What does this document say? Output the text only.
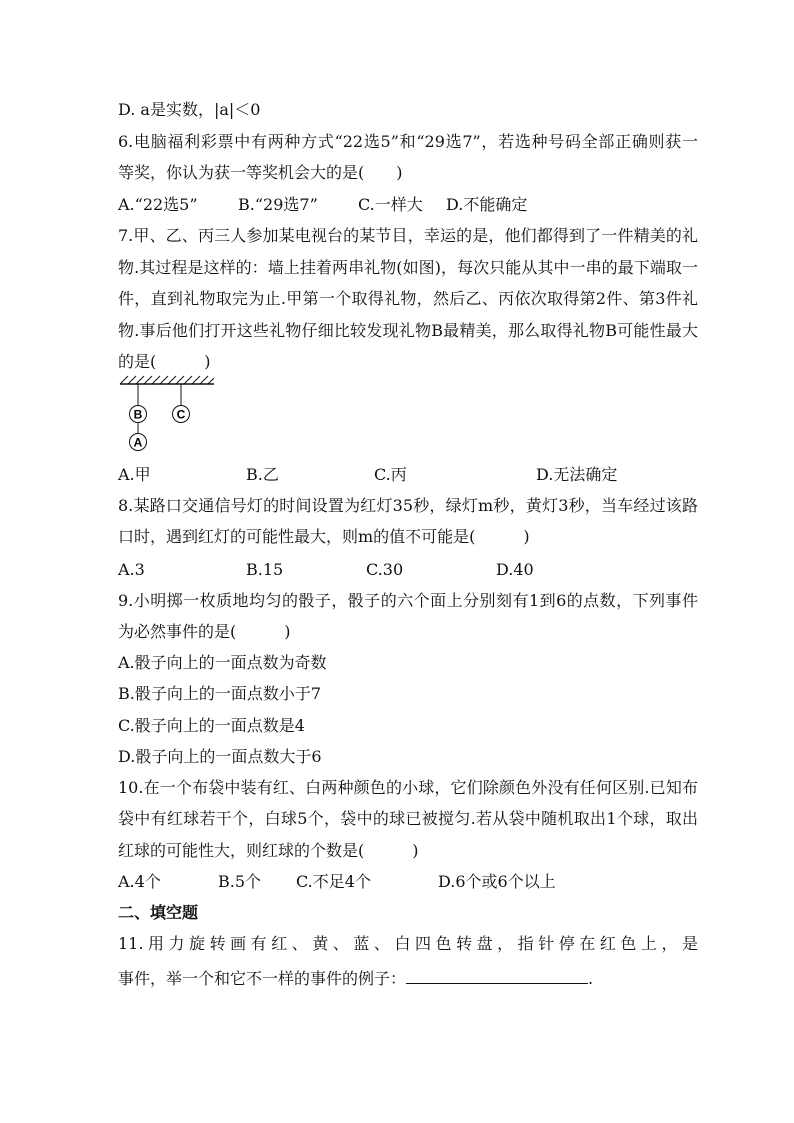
D. a是实数，|a|＜0
6.电脑福利彩票中有两种方式“22选5”和“29选7”，若选种号码全部正确则获一
等奖，你认为获一等奖机会大的是(　　)
A.“22选5”	B.“29选7”	C.一样大 D.不能确定
7.甲、乙、丙三人参加某电视台的某节目，幸运的是，他们都得到了一件精美的礼
物.其过程是这样的：墙上挂着两串礼物(如图)，每次只能从其中一串的最下端取一
件，直到礼物取完为止.甲第一个取得礼物，然后乙、丙依次取得第2件、第3件礼
物.事后他们打开这些礼物仔细比较发现礼物B最精美，那么取得礼物B可能性最大
的是(　　　)
B	C
A
A.甲	B.乙	C.丙	D.无法确定
8.某路口交通信号灯的时间设置为红灯35秒，绿灯m秒，黄灯3秒，当车经过该路
口时，遇到红灯的可能性最大，则m的值不可能是(　　　)
A.3	B.15	C.30	D.40
9.小明掷一枚质地均匀的骰子，骰子的六个面上分别刻有1到6的点数，下列事件
为必然事件的是(　　　)
A.骰子向上的一面点数为奇数
B.骰子向上的一面点数小于7
C.骰子向上的一面点数是4
D.骰子向上的一面点数大于6
10.在一个布袋中装有红、白两种颜色的小球，它们除颜色外没有任何区别.已知布
袋中有红球若干个，白球5个，袋中的球已被搅匀.若从袋中随机取出1个球，取出
红球的可能性大，则红球的个数是(　　　)
A.4个	B.5个 C.不足4个	D.6个或6个以上
二、填空题
11.用力旋转画有红、黄、蓝、白四色转盘，指针停在红色上，是
事件，举一个和它不一样的事件的例子：	.
